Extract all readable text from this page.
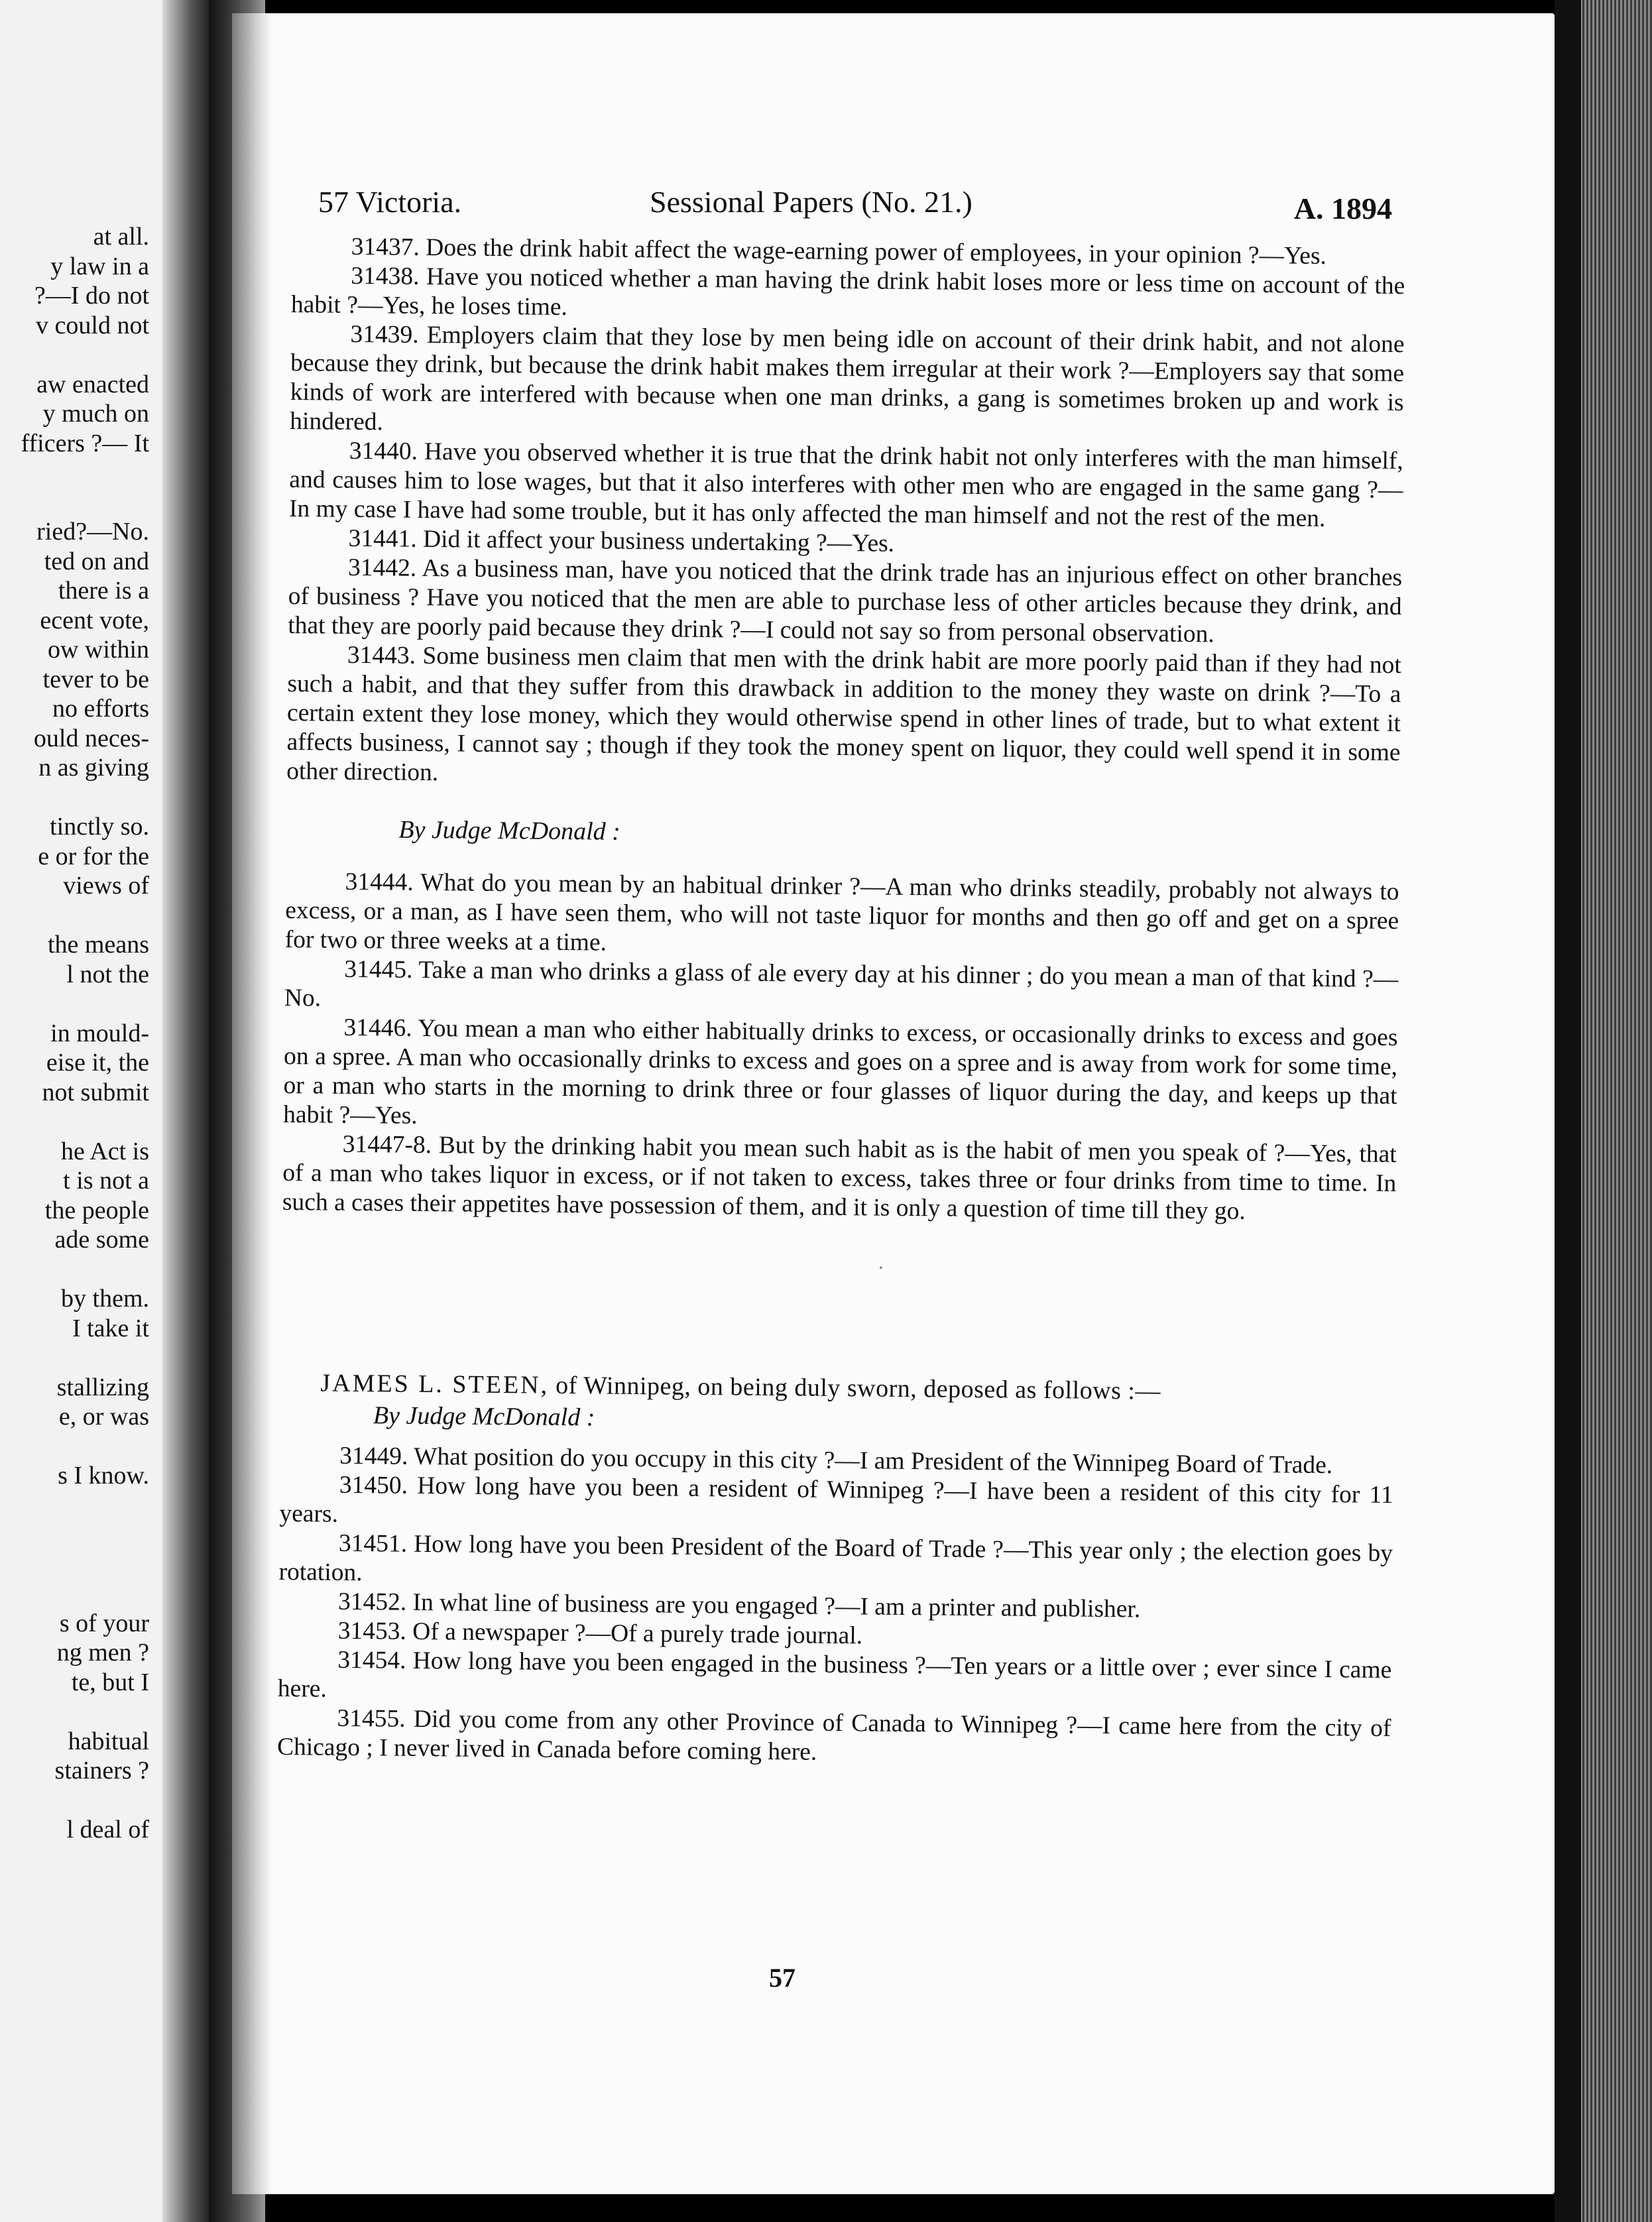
at all.
y law in a
?—I do not
v could not
aw enacted
y much on
fficers ?— It
ried?—No.
ted on and
there is a
ecent vote,
ow within
tever to be
no efforts
ould neces-
n as giving
tinctly so.
e or for the
views of
the means
l not the
in mould-
eise it, the
not submit
he Act is
t is not a
the people
ade some
by them.
I take it
stallizing
e, or was
s I know.
s of your
ng men ?
te, but I
habitual
stainers ?
l deal of
57 Victoria.	Sessional Papers (No. 21.)	A. 1894

31437. Does the drink habit affect the wage-earning power of employees, in your opinion ?—Yes.

31438. Have you noticed whether a man having the drink habit loses more or less time on account of the habit ?—Yes, he loses time.

31439. Employers claim that they lose by men being idle on account of their drink habit, and not alone because they drink, but because the drink habit makes them irregular at their work ?—Employers say that some kinds of work are interfered with because when one man drinks, a gang is sometimes broken up and work is hindered.

31440. Have you observed whether it is true that the drink habit not only interferes with the man himself, and causes him to lose wages, but that it also interferes with other men who are engaged in the same gang ?—In my case I have had some trouble, but it has only affected the man himself and not the rest of the men.

31441. Did it affect your business undertaking ?—Yes.

31442. As a business man, have you noticed that the drink trade has an injurious effect on other branches of business ? Have you noticed that the men are able to purchase less of other articles because they drink, and that they are poorly paid because they drink ?—I could not say so from personal observation.

31443. Some business men claim that men with the drink habit are more poorly paid than if they had not such a habit, and that they suffer from this drawback in addition to the money they waste on drink ?—To a certain extent they lose money, which they would otherwise spend in other lines of trade, but to what extent it affects business, I cannot say ; though if they took the money spent on liquor, they could well spend it in some other direction.

By Judge McDonald :

31444. What do you mean by an habitual drinker ?—A man who drinks steadily, probably not always to excess, or a man, as I have seen them, who will not taste liquor for months and then go off and get on a spree for two or three weeks at a time.

31445. Take a man who drinks a glass of ale every day at his dinner ; do you mean a man of that kind ?—No.

31446. You mean a man who either habitually drinks to excess, or occasionally drinks to excess and goes on a spree. A man who occasionally drinks to excess and goes on a spree and is away from work for some time, or a man who starts in the morning to drink three or four glasses of liquor during the day, and keeps up that habit ?—Yes.

31447-8. But by the drinking habit you mean such habit as is the habit of men you speak of ?—Yes, that of a man who takes liquor in excess, or if not taken to excess, takes three or four drinks from time to time. In such a cases their appetites have possession of them, and it is only a question of time till they go.

.

JAMES L. STEEN, of Winnipeg, on being duly sworn, deposed as follows :—

By Judge McDonald :

31449. What position do you occupy in this city ?—I am President of the Winnipeg Board of Trade.

31450. How long have you been a resident of Winnipeg ?—I have been a resident of this city for 11 years.

31451. How long have you been President of the Board of Trade ?—This year only ; the election goes by rotation.

31452. In what line of business are you engaged ?—I am a printer and publisher.

31453. Of a newspaper ?—Of a purely trade journal.

31454. How long have you been engaged in the business ?—Ten years or a little over ; ever since I came here.

31455. Did you come from any other Province of Canada to Winnipeg ?—I came here from the city of Chicago ; I never lived in Canada before coming here.

57
